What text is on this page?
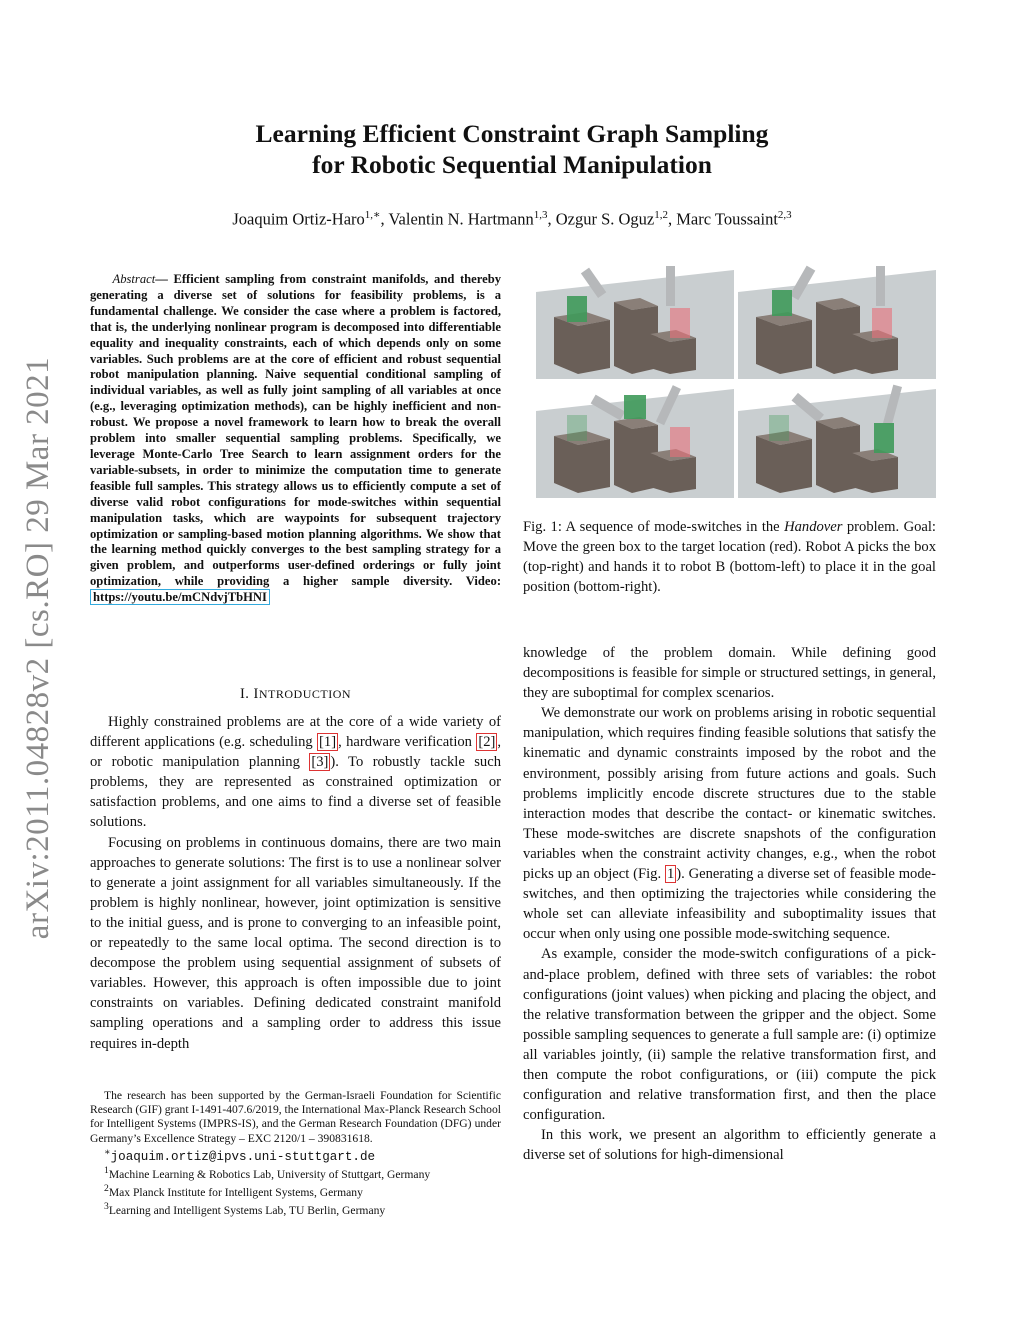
arXiv:2011.04828v2 [cs.RO] 29 Mar 2021
Learning Efficient Constraint Graph Sampling
for Robotic Sequential Manipulation
Joaquim Ortiz-Haro$^{1,∗}$, Valentin N. Hartmann$^{1,3}$, Ozgur S. Oguz$^{1,2}$, Marc Toussaint$^{2,3}$
Abstract— Efficient sampling from constraint manifolds, and thereby generating a diverse set of solutions for feasibility problems, is a fundamental challenge. We consider the case where a problem is factored, that is, the underlying nonlinear program is decomposed into differentiable equality and inequality constraints, each of which depends only on some variables. Such problems are at the core of efficient and robust sequential robot manipulation planning. Naive sequential conditional sampling of individual variables, as well as fully joint sampling of all variables at once (e.g., leveraging optimization methods), can be highly inefficient and non-robust. We propose a novel framework to learn how to break the overall problem into smaller sequential sampling problems. Specifically, we leverage Monte-Carlo Tree Search to learn assignment orders for the variable-subsets, in order to minimize the computation time to generate feasible full samples. This strategy allows us to efficiently compute a set of diverse valid robot configurations for mode-switches within sequential manipulation tasks, which are waypoints for subsequent trajectory optimization or sampling-based motion planning algorithms. We show that the learning method quickly converges to the best sampling strategy for a given problem, and outperforms user-defined orderings or fully joint optimization, while providing a higher sample diversity. Video: https://youtu.be/mCNdvjTbHNI
I. INTRODUCTION

Highly constrained problems are at the core of a wide variety of different applications (e.g. scheduling [1] , hardware verification [2] , or robotic manipulation planning [3] ). To robustly tackle such problems, they are represented as constrained optimization or satisfaction problems, and one aims to find a diverse set of feasible solutions.

Focusing on problems in continuous domains, there are two main approaches to generate solutions: The first is to use a nonlinear solver to generate a joint assignment for all variables simultaneously. If the problem is highly nonlinear, however, joint optimization is sensitive to the initial guess, and is prone to converging to an infeasible point, or repeatedly to the same local optima. The second direction is to decompose the problem using sequential assignment of subsets of variables. However, this approach is often impossible due to joint constraints on variables. Defining dedicated constraint manifold sampling operations and a sampling order to address this issue requires in-depth

The research has been supported by the German-Israeli Foundation for Scientific Research (GIF) grant I-1491-407.6/2019, the International Max-Planck Research School for Intelligent Systems (IMPRS-IS), and the German Research Foundation (DFG) under Germany’s Excellence Strategy – EXC 2120/1 – 390831618.

∗joaquim.ortiz@ipvs.uni-stuttgart.de

$^1$Machine Learning & Robotics Lab, University of Stuttgart, Germany

$^2$Max Planck Institute for Intelligent Systems, Germany

$^3$Learning and Intelligent Systems Lab, TU Berlin, Germany

Fig. 1: A sequence of mode-switches in the Handover problem. Goal: Move the green box to the target location (red). Robot A picks the box (top-right) and hands it to robot B (bottom-left) to place it in the goal position (bottom-right).

knowledge of the problem domain. While defining good decompositions is feasible for simple or structured settings, in general, they are suboptimal for complex scenarios.

We demonstrate our work on problems arising in robotic sequential manipulation, which requires finding feasible solutions that satisfy the kinematic and dynamic constraints imposed by the robot and the environment, possibly arising from future actions and goals. Such problems implicitly encode discrete structures due to the stable interaction modes that describe the contact- or kinematic switches. These mode-switches are discrete snapshots of the configuration variables when the constraint activity changes, e.g., when the robot picks up an object (Fig. 1 ). Generating a diverse set of feasible mode-switches, and then optimizing the trajectories while considering the whole set can alleviate infeasibility and suboptimality issues that occur when only using one possible mode-switching sequence.

As example, consider the mode-switch configurations of a pick-and-place problem, defined with three sets of variables: the robot configurations (joint values) when picking and placing the object, and the relative transformation between the gripper and the object. Some possible sampling sequences to generate a full sample are: (i) optimize all variables jointly, (ii) sample the relative transformation first, and then compute the robot configurations, or (iii) compute the pick configuration and relative transformation first, and then the place configuration.

In this work, we present an algorithm to efficiently generate a diverse set of solutions for high-dimensional
